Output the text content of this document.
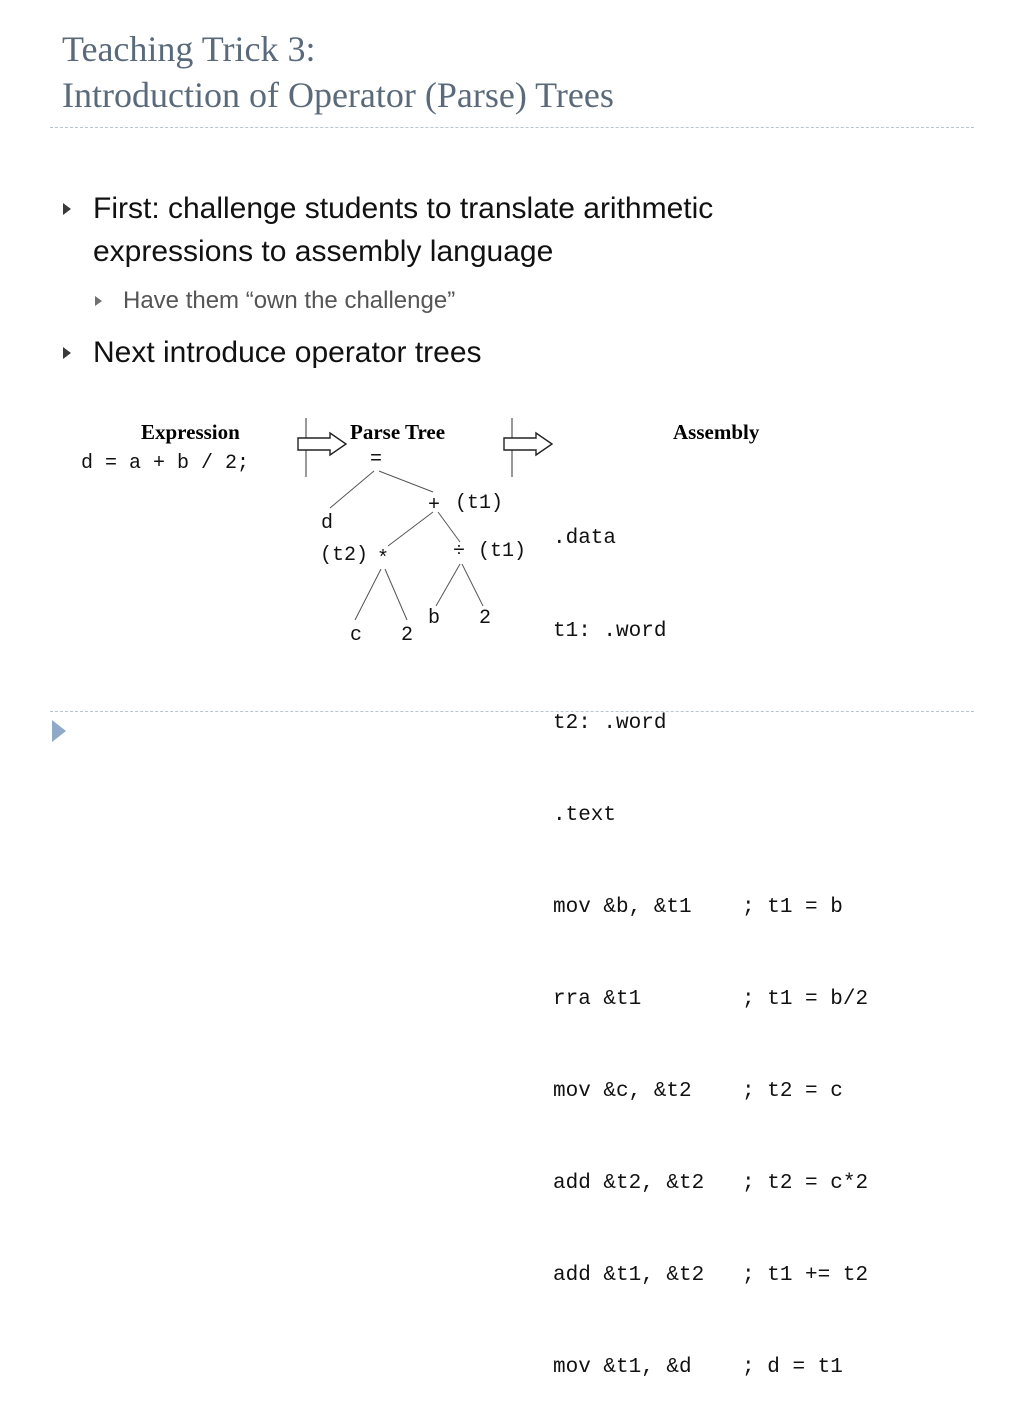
Teaching Trick 3:
Introduction of Operator (Parse) Trees
First: challenge students to translate arithmetic
expressions to assembly language
Have them “own the challenge”
Next introduce operator trees
Expression	Parse Tree	Assembly
d = a + b / 2;	=
d
+ (t1)
(t2) *	÷ (t1)
c 2
b 2

.data

t1: .word

t2: .word

.text

mov &b, &t1    ; t1 = b

rra &t1        ; t1 = b/2

mov &c, &t2    ; t2 = c

add &t2, &t2   ; t2 = c*2

add &t1, &t2   ; t1 += t2

mov &t1, &d    ; d = t1
